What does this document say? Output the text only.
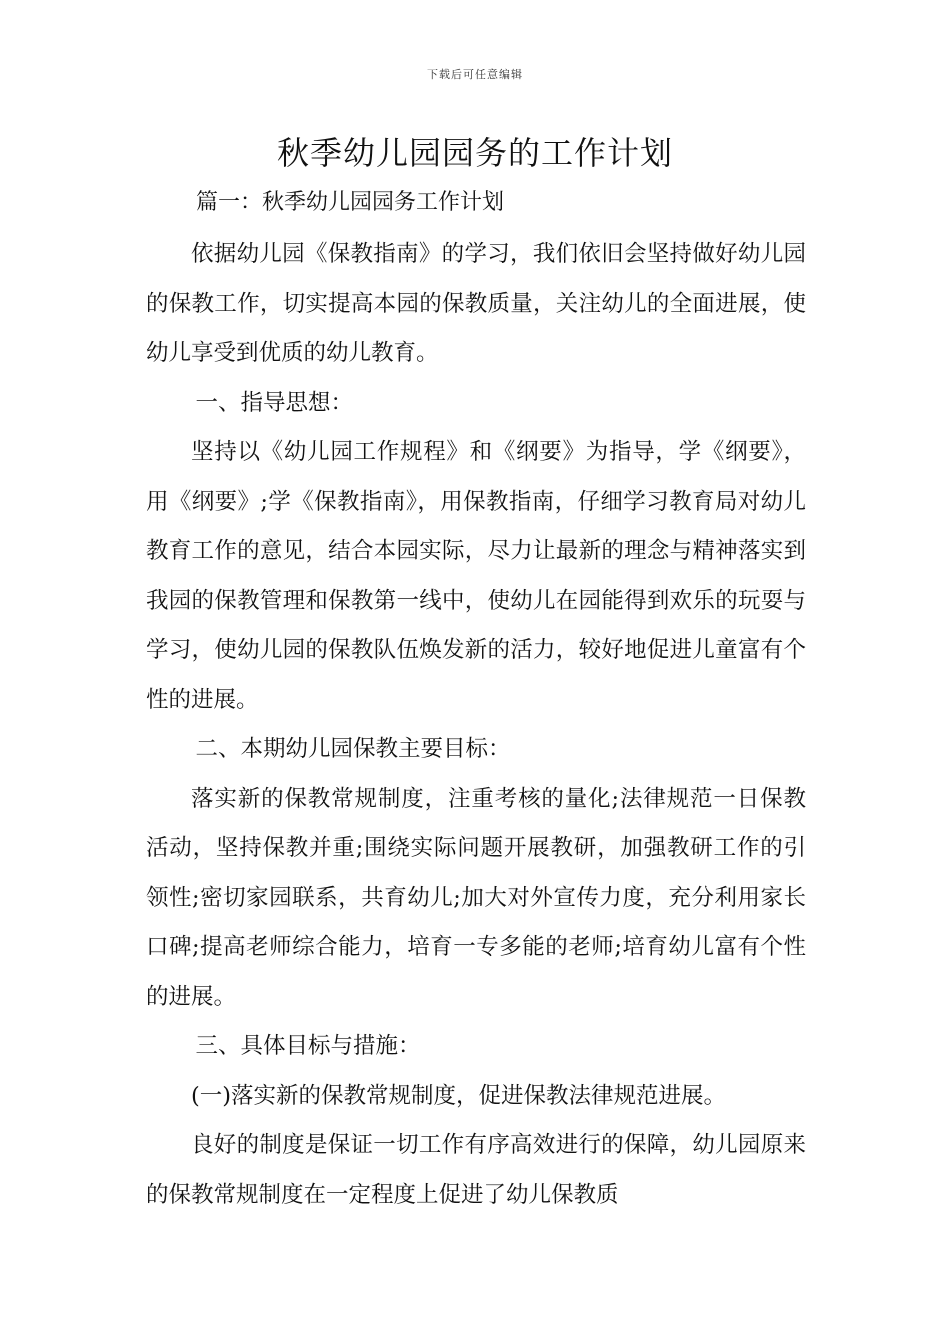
下载后可任意编辑
秋季幼儿园园务的工作计划
篇一：秋季幼儿园园务工作计划

依据幼儿园《保教指南》的学习，我们依旧会坚持做好幼儿园的保教工作，切实提高本园的保教质量，关注幼儿的全面进展，使幼儿享受到优质的幼儿教育。

一、指导思想：

坚持以《幼儿园工作规程》和《纲要》为指导，学《纲要》，用《纲要》;学《保教指南》，用保教指南，仔细学习教育局对幼儿教育工作的意见，结合本园实际，尽力让最新的理念与精神落实到我园的保教管理和保教第一线中，使幼儿在园能得到欢乐的玩耍与学习，使幼儿园的保教队伍焕发新的活力，较好地促进儿童富有个性的进展。

二、本期幼儿园保教主要目标：

落实新的保教常规制度，注重考核的量化;法律规范一日保教活动，坚持保教并重;围绕实际问题开展教研，加强教研工作的引领性;密切家园联系，共育幼儿;加大对外宣传力度，充分利用家长口碑;提高老师综合能力，培育一专多能的老师;培育幼儿富有个性的进展。

三、具体目标与措施：

(一)落实新的保教常规制度，促进保教法律规范进展。

良好的制度是保证一切工作有序高效进行的保障，幼儿园原来的保教常规制度在一定程度上促进了幼儿保教质
